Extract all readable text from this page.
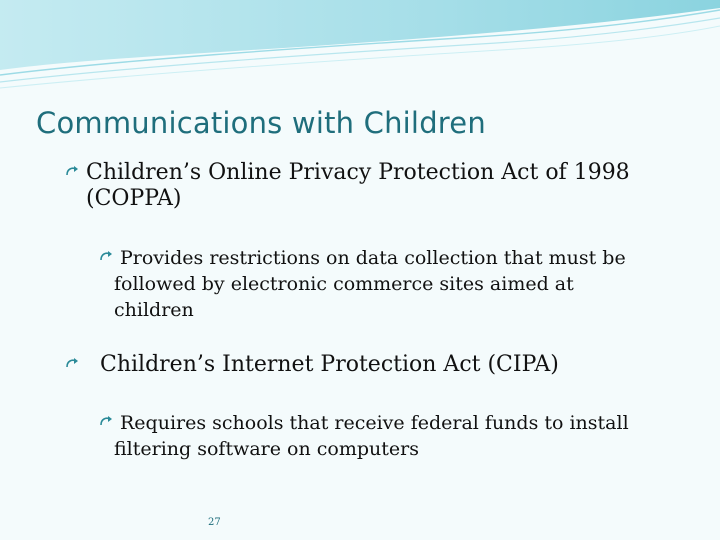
Communications with Children
Children’s Online Privacy Protection Act of 1998
(COPPA)
Provides restrictions on data collection that must be
followed by electronic commerce sites aimed at
children
Children’s Internet Protection Act (CIPA)
Requires schools that receive federal funds to install
filtering software on computers
27
